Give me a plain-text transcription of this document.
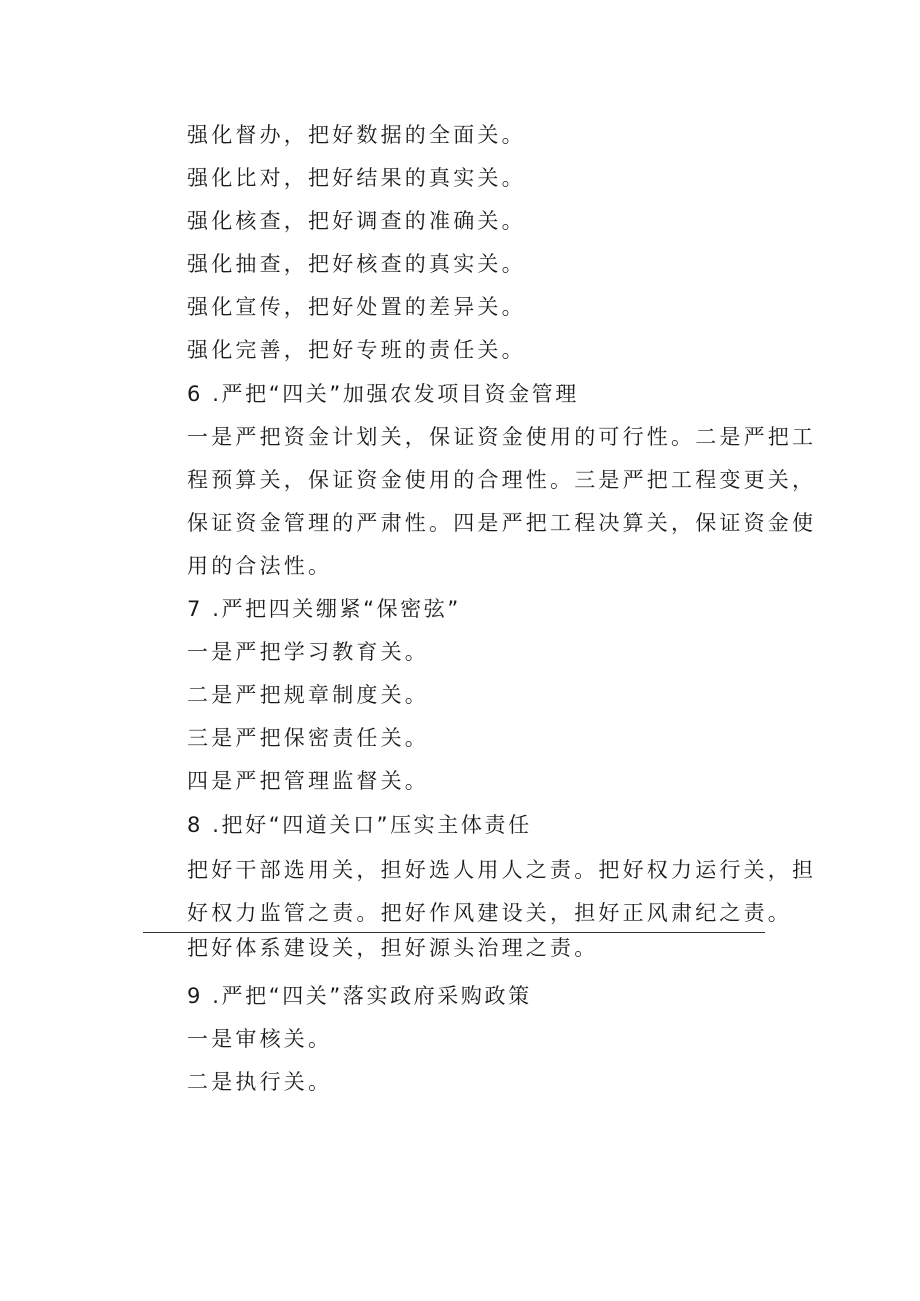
强化督办，把好数据的全面关。
强化比对，把好结果的真实关。
强化核查，把好调查的准确关。
强化抽查，把好核查的真实关。
强化宣传，把好处置的差异关。
强化完善，把好专班的责任关。
6 .严把“四关”加强农发项目资金管理
一是严把资金计划关，保证资金使用的可行性。二是严把工
程预算关，保证资金使用的合理性。三是严把工程变更关，
保证资金管理的严肃性。四是严把工程决算关，保证资金使
用的合法性。
7 .严把四关绷紧“保密弦”
一是严把学习教育关。
二是严把规章制度关。
三是严把保密责任关。
四是严把管理监督关。
8 .把好“四道关口”压实主体责任
把好干部选用关，担好选人用人之责。把好权力运行关，担
好权力监管之责。把好作风建设关，担好正风肃纪之责。
把好体系建设关，担好源头治理之责。
9 .严把“四关”落实政府采购政策
一是审核关。
二是执行关。
